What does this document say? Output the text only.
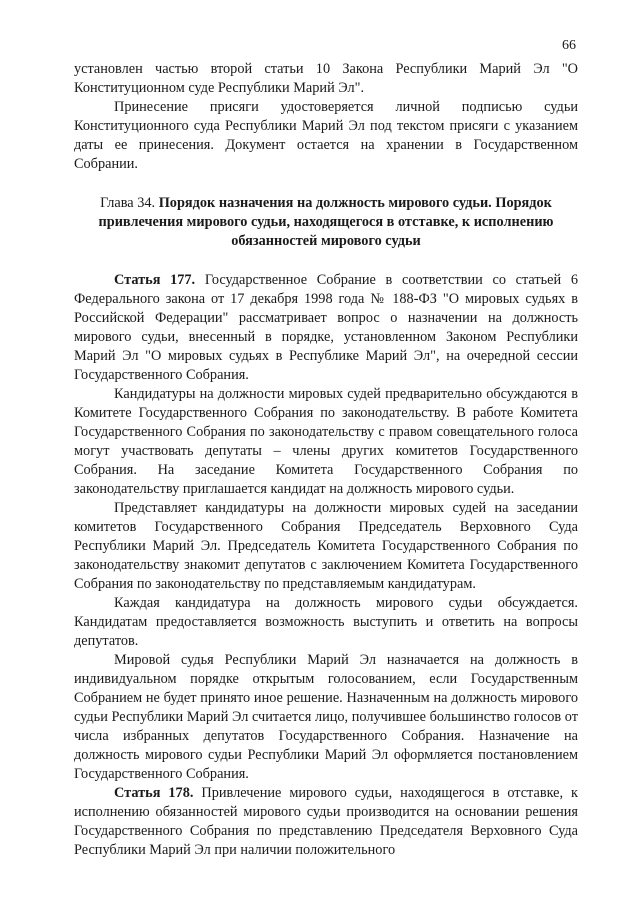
66

установлен частью второй статьи 10 Закона Республики Марий Эл "О Конституционном суде Республики Марий Эл".

Принесение присяги удостоверяется личной подписью судьи Конституционного суда Республики Марий Эл под текстом присяги с указанием даты ее принесения. Документ остается на хранении в Государственном Собрании.

Глава 34. Порядок назначения на должность мирового судьи. Порядок привлечения мирового судьи, находящегося в отставке, к исполнению обязанностей мирового судьи

Статья 177. Государственное Собрание в соответствии со статьей 6 Федерального закона от 17 декабря 1998 года № 188-ФЗ "О мировых судьях в Российской Федерации" рассматривает вопрос о назначении на должность мирового судьи, внесенный в порядке, установленном Законом Республики Марий Эл "О мировых судьях в Республике Марий Эл", на очередной сессии Государственного Собрания.

Кандидатуры на должности мировых судей предварительно обсуждаются в Комитете Государственного Собрания по законодательству. В работе Комитета Государственного Собрания по законодательству с правом совещательного голоса могут участвовать депутаты – члены других комитетов Государственного Собрания. На заседание Комитета Государственного Собрания по законодательству приглашается кандидат на должность мирового судьи.

Представляет кандидатуры на должности мировых судей на заседании комитетов Государственного Собрания Председатель Верховного Суда Республики Марий Эл. Председатель Комитета Государственного Собрания по законодательству знакомит депутатов с заключением Комитета Государственного Собрания по законодательству по представляемым кандидатурам.

Каждая кандидатура на должность мирового судьи обсуждается. Кандидатам предоставляется возможность выступить и ответить на вопросы депутатов.

Мировой судья Республики Марий Эл назначается на должность в индивидуальном порядке открытым голосованием, если Государственным Собранием не будет принято иное решение. Назначенным на должность мирового судьи Республики Марий Эл считается лицо, получившее большинство голосов от числа избранных депутатов Государственного Собрания. Назначение на должность мирового судьи Республики Марий Эл оформляется постановлением Государственного Собрания.

Статья 178. Привлечение мирового судьи, находящегося в отставке, к исполнению обязанностей мирового судьи производится на основании решения Государственного Собрания по представлению Председателя Верховного Суда Республики Марий Эл при наличии положительного
